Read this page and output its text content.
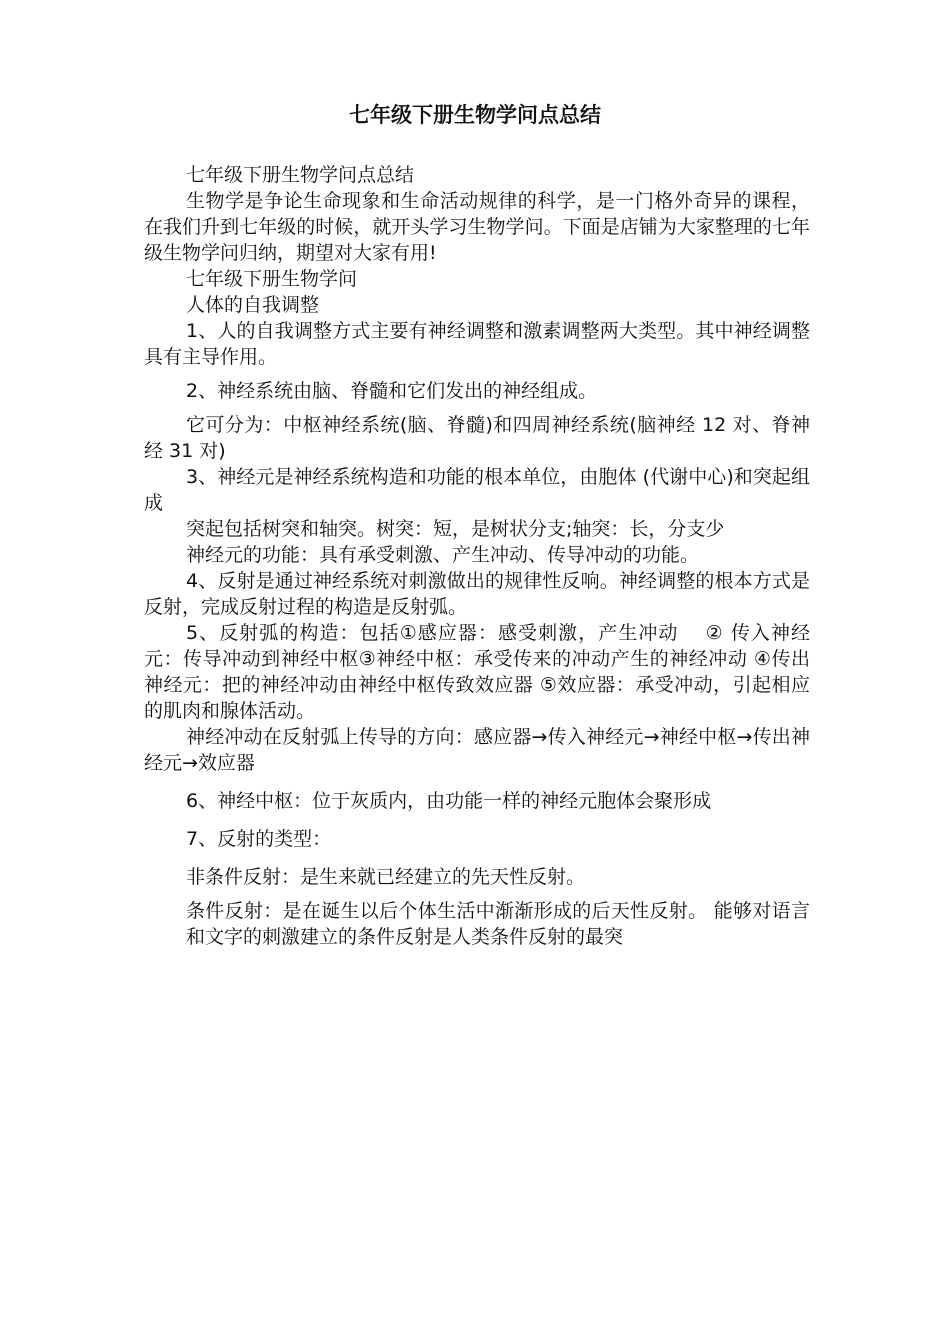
七年级下册生物学问点总结

七年级下册生物学问点总结

生物学是争论生命现象和生命活动规律的科学，是一门格外奇异的课程，在我们升到七年级的时候，就开头学习生物学问。下面是店铺为大家整理的七年级生物学问归纳，期望对大家有用!

七年级下册生物学问

人体的自我调整

1、人的自我调整方式主要有神经调整和激素调整两大类型。其中神经调整具有主导作用。

2、神经系统由脑、脊髓和它们发出的神经组成。

它可分为：中枢神经系统(脑、脊髓)和四周神经系统(脑神经 12 对、脊神经 31 对)

3、神经元是神经系统构造和功能的根本单位，由胞体 (代谢中心)和突起组成

突起包括树突和轴突。树突：短，是树状分支;轴突：长，分支少

神经元的功能：具有承受刺激、产生冲动、传导冲动的功能。

4、反射是通过神经系统对刺激做出的规律性反响。神经调整的根本方式是反射，完成反射过程的构造是反射弧。

5、反射弧的构造：包括①感应器：感受刺激，产生冲动　 ② 传入神经元：传导冲动到神经中枢③神经中枢：承受传来的冲动产生的神经冲动 ④传出神经元：把的神经冲动由神经中枢传致效应器 ⑤效应器：承受冲动，引起相应的肌肉和腺体活动。

神经冲动在反射弧上传导的方向：感应器→传入神经元→神经中枢→传出神经元→效应器

6、神经中枢：位于灰质内，由功能一样的神经元胞体会聚形成

7、反射的类型：

非条件反射：是生来就已经建立的先天性反射。

条件反射：是在诞生以后个体生活中渐渐形成的后天性反射。 能够对语言和文字的刺激建立的条件反射是人类条件反射的最突
